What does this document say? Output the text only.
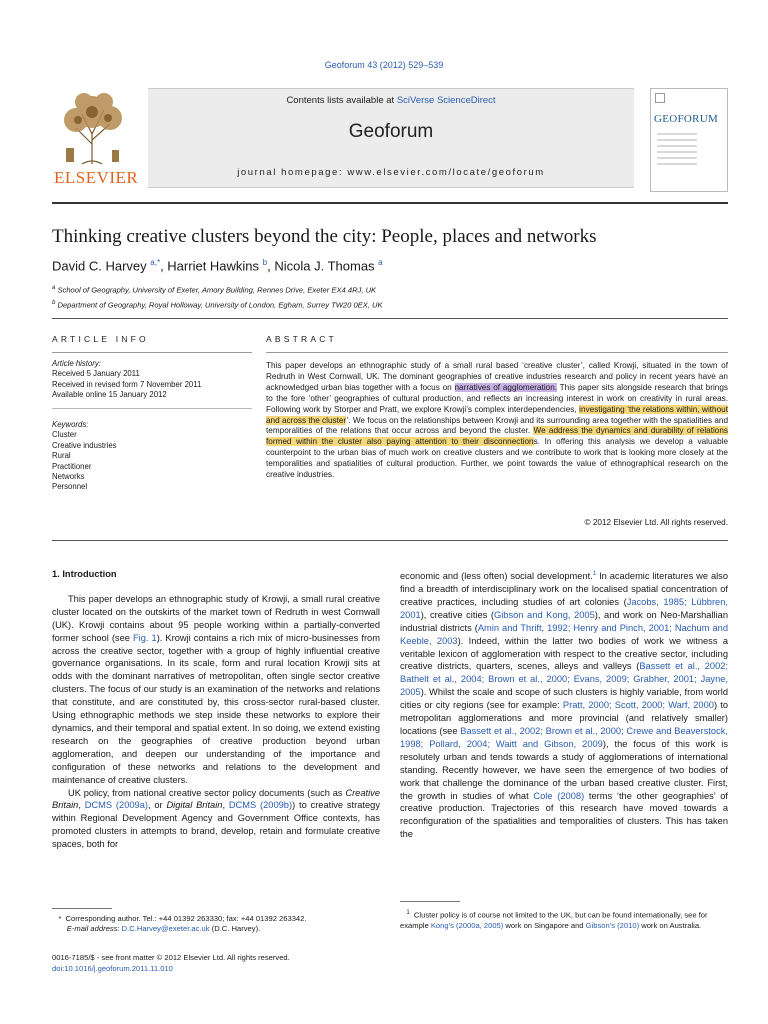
Geoforum 43 (2012) 529–539
ELSEVIER
Contents lists available at SciVerse ScienceDirect
Geoforum
journal homepage: www.elsevier.com/locate/geoforum
GEOFORUM
Thinking creative clusters beyond the city: People, places and networks
David C. Harvey $^{a,*}$, Harriet Hawkins $^b$, Nicola J. Thomas $^a$
$^a$ School of Geography, University of Exeter, Amory Building, Rennes Drive, Exeter EX4 4RJ, UK
$^b$ Department of Geography, Royal Holloway, University of London, Egham, Surrey TW20 0EX, UK
ARTICLE INFO	ABSTRACT
Article history:
Received 5 January 2011
Received in revised form 7 November 2011
Available online 15 January 2012
Keywords:
Cluster
Creative industries
Rural
Practitioner
Networks
Personnel
This paper develops an ethnographic study of a small rural based ‘creative cluster’, called Krowji, situated in the town of Redruth in West Cornwall, UK. The dominant geographies of creative industries research and policy in recent years have an acknowledged urban bias together with a focus on narratives of agglomeration. This paper sits alongside research that brings to the fore ‘other’ geographies of cultural production, and reflects an increasing interest in work on creativity in rural areas. Following work by Storper and Pratt, we explore Krowji’s complex interdependencies, investigating ‘the relations within, without and across the cluster’. We focus on the relationships between Krowji and its surrounding area together with the spatialities and temporalities of the relations that occur across and beyond the cluster. We address the dynamics and durability of relations formed within the cluster also paying attention to their disconnections. In offering this analysis we develop a valuable counterpoint to the urban bias of much work on creative clusters and we contribute to work that is looking more closely at the temporalities and spatialities of cultural production. Further, we point towards the value of ethnographical research on the creative industries.
© 2012 Elsevier Ltd. All rights reserved.
1. Introduction

This paper develops an ethnographic study of Krowji, a small rural creative cluster located on the outskirts of the market town of Redruth in west Cornwall (UK). Krowji contains about 95 people working within a partially-converted former school (see Fig. 1). Krowji contains a rich mix of micro-businesses from across the creative sector, together with a group of highly influential creative governance organisations. In its scale, form and rural location Krowji sits at odds with the dominant narratives of metropolitan, often single sector creative clusters. The focus of our study is an examination of the networks and relations that constitute, and are constituted by, this cross-sector rural-based cluster. Using ethnographic methods we step inside these networks to explore their dynamics, and their temporal and spatial extent. In so doing, we extend existing research on the geographies of creative production beyond urban agglomeration, and deepen our understanding of the importance and configuration of these networks and relations to the development and maintenance of creative clusters.

UK policy, from national creative sector policy documents (such as Creative Britain, DCMS (2009a), or Digital Britain, DCMS (2009b)) to creative strategy within Regional Development Agency and Government Office contexts, has promoted clusters in attempts to brand, develop, retain and formulate creative spaces, both for

economic and (less often) social development.$^1$ In academic literatures we also find a breadth of interdisciplinary work on the localised spatial concentration of creative practices, including studies of art colonies (Jacobs, 1985; Lübbren, 2001), creative cities (Gibson and Kong, 2005), and work on Neo-Marshallian industrial districts (Amin and Thrift, 1992; Henry and Pinch, 2001; Nachum and Keeble, 2003). Indeed, within the latter two bodies of work we witness a veritable lexicon of agglomeration with respect to the creative sector, including creative districts, quarters, scenes, alleys and valleys (Bassett et al., 2002; Bathelt et al., 2004; Brown et al., 2000; Evans, 2009; Grabher, 2001; Jayne, 2005). Whilst the scale and scope of such clusters is highly variable, from world cities or city regions (see for example: Pratt, 2000; Scott, 2000; Warf, 2000) to metropolitan agglomerations and more provincial (and relatively smaller) locations (see Bassett et al., 2002; Brown et al., 2000; Crewe and Beaverstock, 1998; Pollard, 2004; Waitt and Gibson, 2009), the focus of this work is resolutely urban and tends towards a study of agglomerations of international standing. Recently however, we have seen the emergence of two bodies of work that challenge the dominance of the urban based creative cluster. First, the growth in studies of what Cole (2008) terms ‘the other geographies’ of creative production. Trajectories of this research have moved towards a reconfiguration of the spatialities and temporalities of clusters. This has taken the

* Corresponding author. Tel.: +44 01392 263330; fax: +44 01392 263342.
E-mail address: D.C.Harvey@exeter.ac.uk (D.C. Harvey).
$^1$ Cluster policy is of course not limited to the UK, but can be found internationally, see for example Kong’s (2000a, 2005) work on Singapore and Gibson’s (2010) work on Australia.
0016-7185/$ - see front matter © 2012 Elsevier Ltd. All rights reserved.
doi:10.1016/j.geoforum.2011.11.010
